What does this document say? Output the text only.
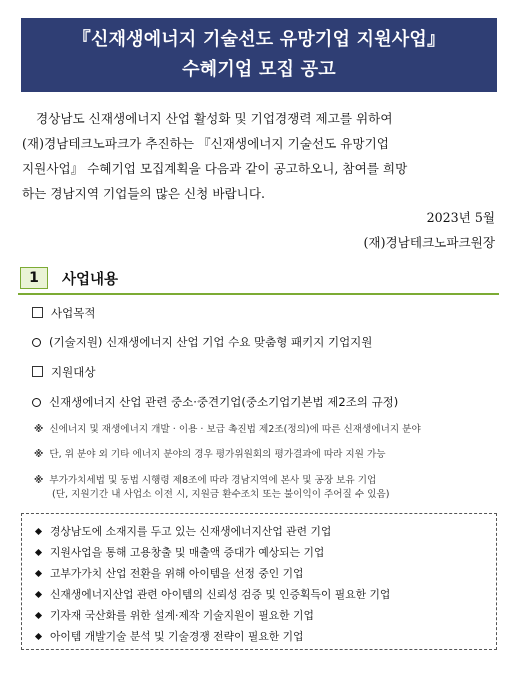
『신재생에너지 기술선도 유망기업 지원사업』
수혜기업 모집 공고

경상남도 신재생에너지 산업 활성화 및 기업경쟁력 제고를 위하여

(재)경남테크노파크가 추진하는 『신재생에너지 기술선도 유망기업

지원사업』 수혜기업 모집계획을 다음과 같이 공고하오니, 참여를 희망

하는 경남지역 기업들의 많은 신청 바랍니다.

2023년 5월
(재)경남테크노파크원장
1	사업내용
사업목적
(기술지원) 신재생에너지 산업 기업 수요 맞춤형 패키지 기업지원
지원대상
신재생에너지 산업 관련 중소·중견기업(중소기업기본법 제2조의 규정)
※ 신에너지 및 재생에너지 개발 · 이용 · 보급 촉진법 제2조(정의)에 따른 신재생에너지 분야
※ 단, 위 분야 외 기타 에너지 분야의 경우 평가위원회의 평가결과에 따라 지원 가능
※ 부가가치세법 및 동법 시행령 제8조에 따라 경남지역에 본사 및 공장 보유 기업
(단, 지원기간 내 사업소 이전 시, 지원금 환수조치 또는 불이익이 주어질 수 있음)
경상남도에 소재지를 두고 있는 신재생에너지산업 관련 기업
지원사업을 통해 고용창출 및 매출액 증대가 예상되는 기업
고부가가치 산업 전환을 위해 아이템을 선정 중인 기업
신재생에너지산업 관련 아이템의 신뢰성 검증 및 인증획득이 필요한 기업
기자재 국산화를 위한 설계·제작 기술지원이 필요한 기업
아이템 개발기술 분석 및 기술경쟁 전략이 필요한 기업
